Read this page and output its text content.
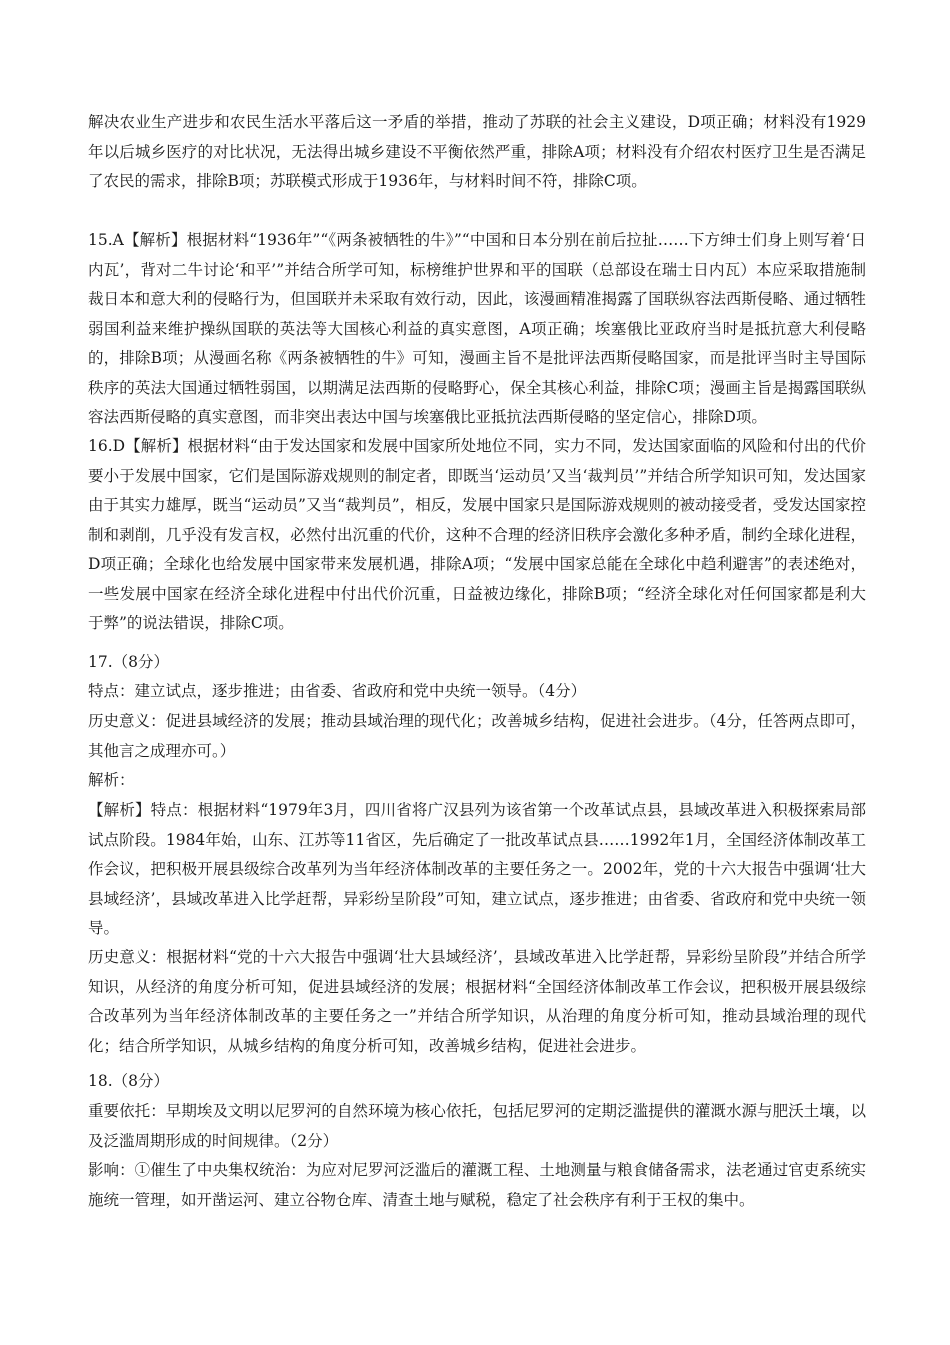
解决农业生产进步和农民生活水平落后这一矛盾的举措，推动了苏联的社会主义建设，D项正确；材料没有1929年以后城乡医疗的对比状况，无法得出城乡建设不平衡依然严重，排除A项；材料没有介绍农村医疗卫生是否满足了农民的需求，排除B项；苏联模式形成于1936年，与材料时间不符，排除C项。
15.A【解析】根据材料“1936年”“《两条被牺牲的牛》”“中国和日本分别在前后拉扯……下方绅士们身上则写着‘日内瓦’，背对二牛讨论‘和平’”并结合所学可知，标榜维护世界和平的国联（总部设在瑞士日内瓦）本应采取措施制裁日本和意大利的侵略行为，但国联并未采取有效行动，因此，该漫画精准揭露了国联纵容法西斯侵略、通过牺牲弱国利益来维护操纵国联的英法等大国核心利益的真实意图，A项正确；埃塞俄比亚政府当时是抵抗意大利侵略的，排除B项；从漫画名称《两条被牺牲的牛》可知，漫画主旨不是批评法西斯侵略国家，而是批评当时主导国际秩序的英法大国通过牺牲弱国，以期满足法西斯的侵略野心，保全其核心利益，排除C项；漫画主旨是揭露国联纵容法西斯侵略的真实意图，而非突出表达中国与埃塞俄比亚抵抗法西斯侵略的坚定信心，排除D项。
16.D【解析】根据材料“由于发达国家和发展中国家所处地位不同，实力不同，发达国家面临的风险和付出的代价要小于发展中国家，它们是国际游戏规则的制定者，即既当‘运动员’又当‘裁判员’”并结合所学知识可知，发达国家由于其实力雄厚，既当“运动员”又当“裁判员”，相反，发展中国家只是国际游戏规则的被动接受者，受发达国家控制和剥削，几乎没有发言权，必然付出沉重的代价，这种不合理的经济旧秩序会激化多种矛盾，制约全球化进程，D项正确；全球化也给发展中国家带来发展机遇，排除A项；“发展中国家总能在全球化中趋利避害”的表述绝对，一些发展中国家在经济全球化进程中付出代价沉重，日益被边缘化，排除B项；“经济全球化对任何国家都是利大于弊”的说法错误，排除C项。
17.（8分）
特点：建立试点，逐步推进；由省委、省政府和党中央统一领导。（4分）
历史意义：促进县域经济的发展；推动县域治理的现代化；改善城乡结构，促进社会进步。（4分，任答两点即可，其他言之成理亦可。）
解析：
【解析】特点：根据材料“1979年3月，四川省将广汉县列为该省第一个改革试点县，县域改革进入积极探索局部试点阶段。1984年始，山东、江苏等11省区，先后确定了一批改革试点县……1992年1月，全国经济体制改革工作会议，把积极开展县级综合改革列为当年经济体制改革的主要任务之一。2002年，党的十六大报告中强调‘壮大县域经济’，县域改革进入比学赶帮，异彩纷呈阶段”可知，建立试点，逐步推进；由省委、省政府和党中央统一领导。
历史意义：根据材料“党的十六大报告中强调‘壮大县域经济’，县域改革进入比学赶帮，异彩纷呈阶段”并结合所学知识，从经济的角度分析可知，促进县域经济的发展；根据材料“全国经济体制改革工作会议，把积极开展县级综合改革列为当年经济体制改革的主要任务之一”并结合所学知识，从治理的角度分析可知，推动县域治理的现代化；结合所学知识，从城乡结构的角度分析可知，改善城乡结构，促进社会进步。
18.（8分）
重要依托：早期埃及文明以尼罗河的自然环境为核心依托，包括尼罗河的定期泛滥提供的灌溉水源与肥沃土壤，以及泛滥周期形成的时间规律。（2分）
影响：①催生了中央集权统治：为应对尼罗河泛滥后的灌溉工程、土地测量与粮食储备需求，法老通过官吏系统实施统一管理，如开凿运河、建立谷物仓库、清查土地与赋税，稳定了社会秩序有利于王权的集中。
